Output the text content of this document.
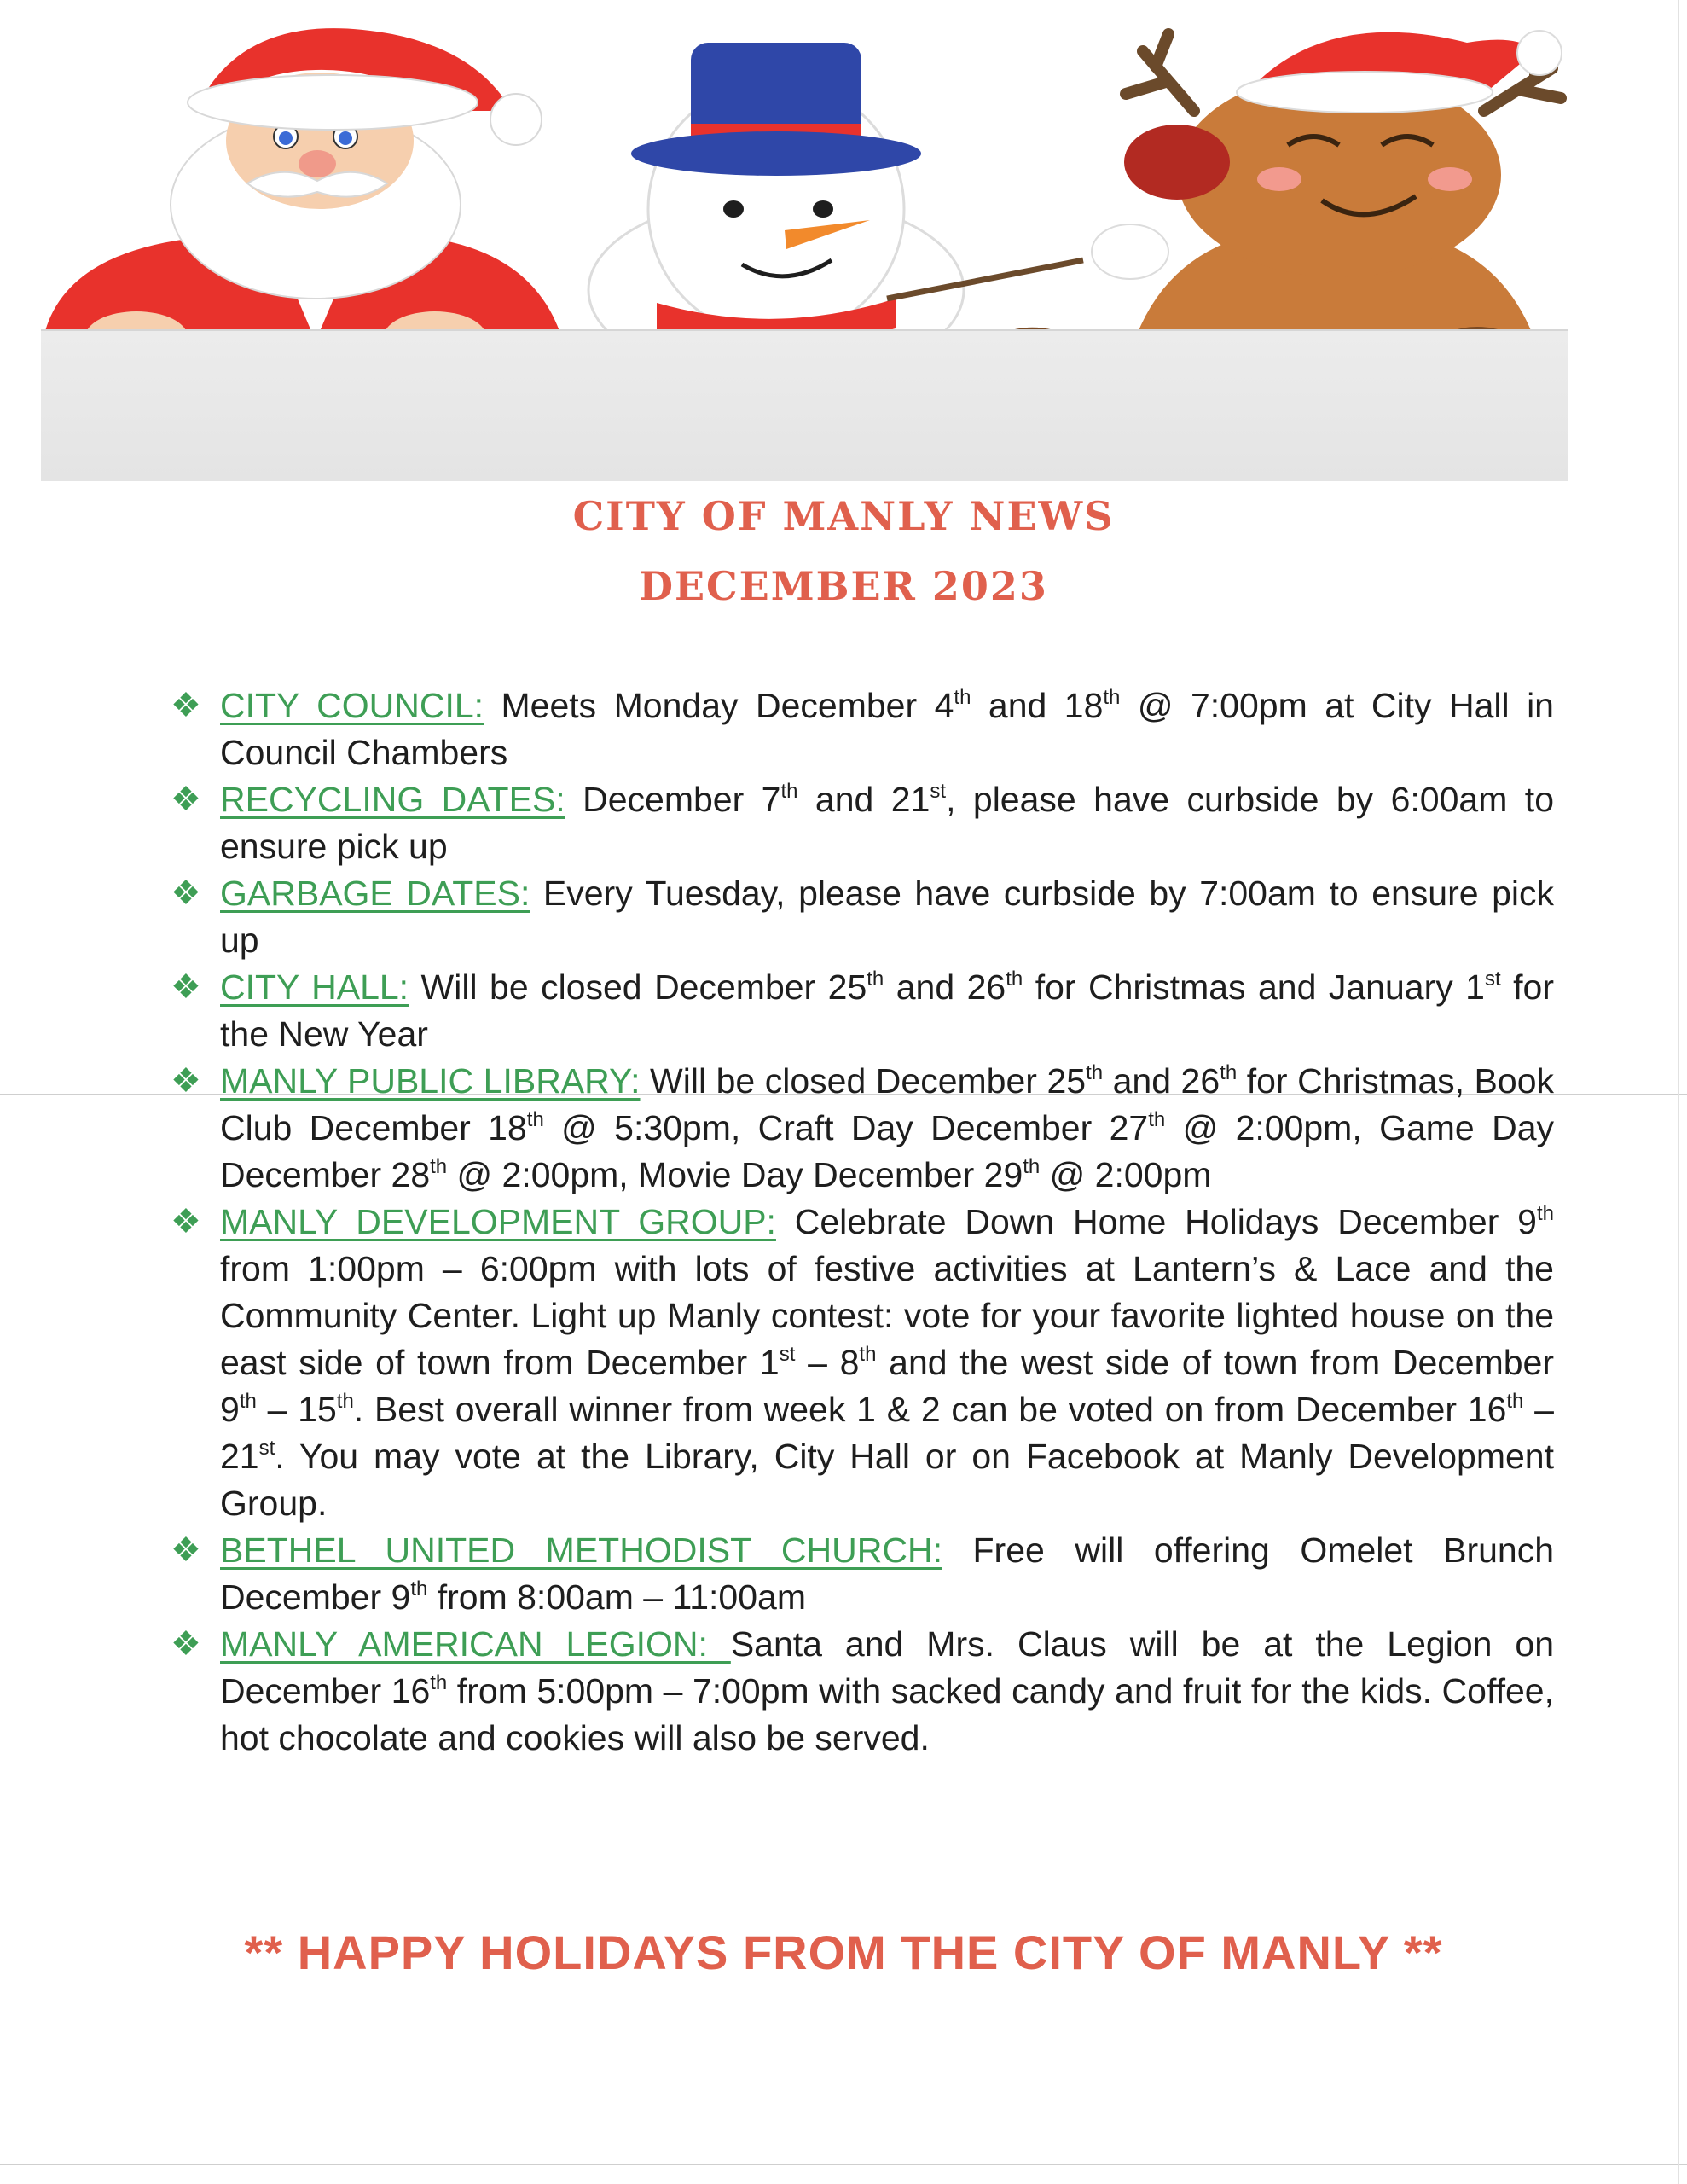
CITY OF MANLY NEWS
DECEMBER 2023
❖ CITY COUNCIL: Meets Monday December 4th and 18th @ 7:00pm at City Hall in Council Chambers
❖ RECYCLING DATES: December 7th and 21st, please have curbside by 6:00am to ensure pick up
❖ GARBAGE DATES: Every Tuesday, please have curbside by 7:00am to ensure pick up
❖ CITY HALL: Will be closed December 25th and 26th for Christmas and January 1st for the New Year
❖ MANLY PUBLIC LIBRARY: Will be closed December 25th and 26th for Christmas, Book Club December 18th @ 5:30pm, Craft Day December 27th @ 2:00pm, Game Day December 28th @ 2:00pm, Movie Day December 29th @ 2:00pm
❖ MANLY DEVELOPMENT GROUP: Celebrate Down Home Holidays December 9th from 1:00pm – 6:00pm with lots of festive activities at Lantern’s & Lace and the Community Center. Light up Manly contest: vote for your favorite lighted house on the east side of town from December 1st – 8th and the west side of town from December 9th – 15th. Best overall winner from week 1 & 2 can be voted on from December 16th – 21st. You may vote at the Library, City Hall or on Facebook at Manly Development Group.
❖ BETHEL UNITED METHODIST CHURCH: Free will offering Omelet Brunch December 9th from 8:00am – 11:00am
❖ MANLY AMERICAN LEGION: Santa and Mrs. Claus will be at the Legion on December 16th from 5:00pm – 7:00pm with sacked candy and fruit for the kids. Coffee, hot chocolate and cookies will also be served.
** HAPPY HOLIDAYS FROM THE CITY OF MANLY **
